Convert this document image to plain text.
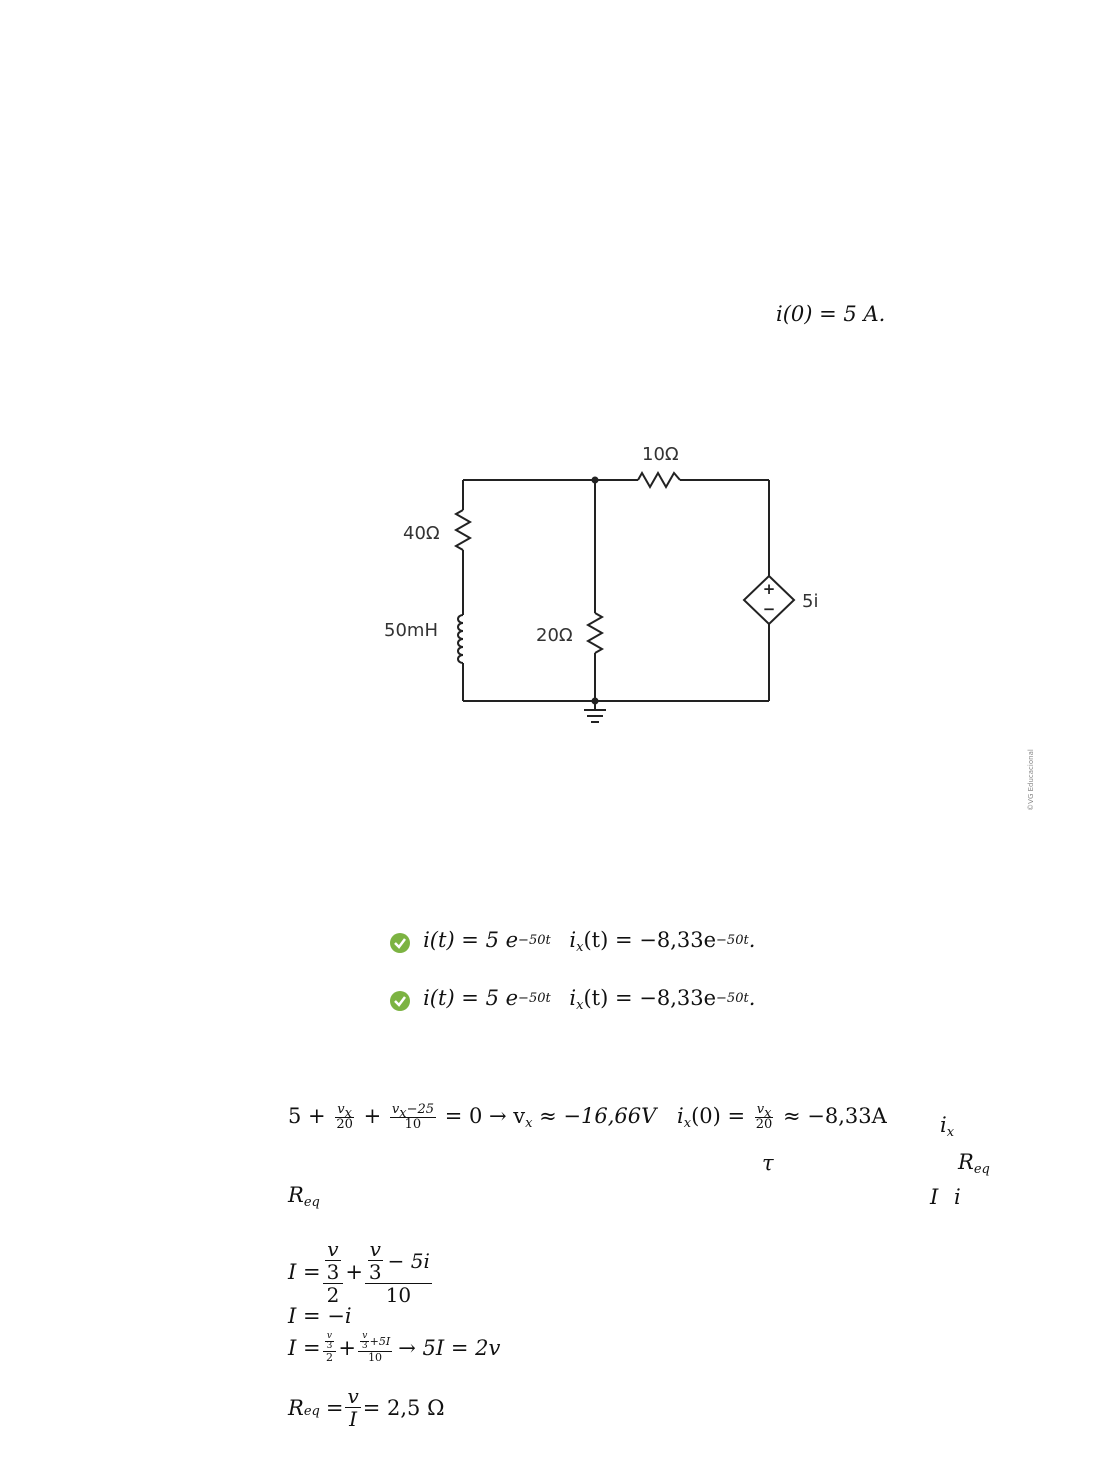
i(0) = 5 A.
10Ω
40Ω
50mH	20Ω
5i
+
−
©VG Educacional
i(t) = 5 $e^{-50t}$ $i_x(t) = -8,33e^{-50t}$.
i(t) = 5 $e^{-50t}$ $i_x(t) = -8,33e^{-50t}$.
$5 + \frac{v_x}{20} + \frac{v_x-25}{10} = 0 \to v_x \approx -16,66V$ $i_x(0) = \frac{v_x}{20} \approx -8,33A$	$i_x$
τ	$R_{eq}$
$R_{eq}$	I i
$I = \frac{\frac{v}{3}}{2} + \frac{\frac{v}{3} - 5i}{10}$
I = −i
$I = \frac{\frac{v}{3}}{2} + \frac{\frac{v}{3} +5I}{10} \to 5I = 2v$
$R_{eq} = \frac{v}{I} = 2,5$ Ω
